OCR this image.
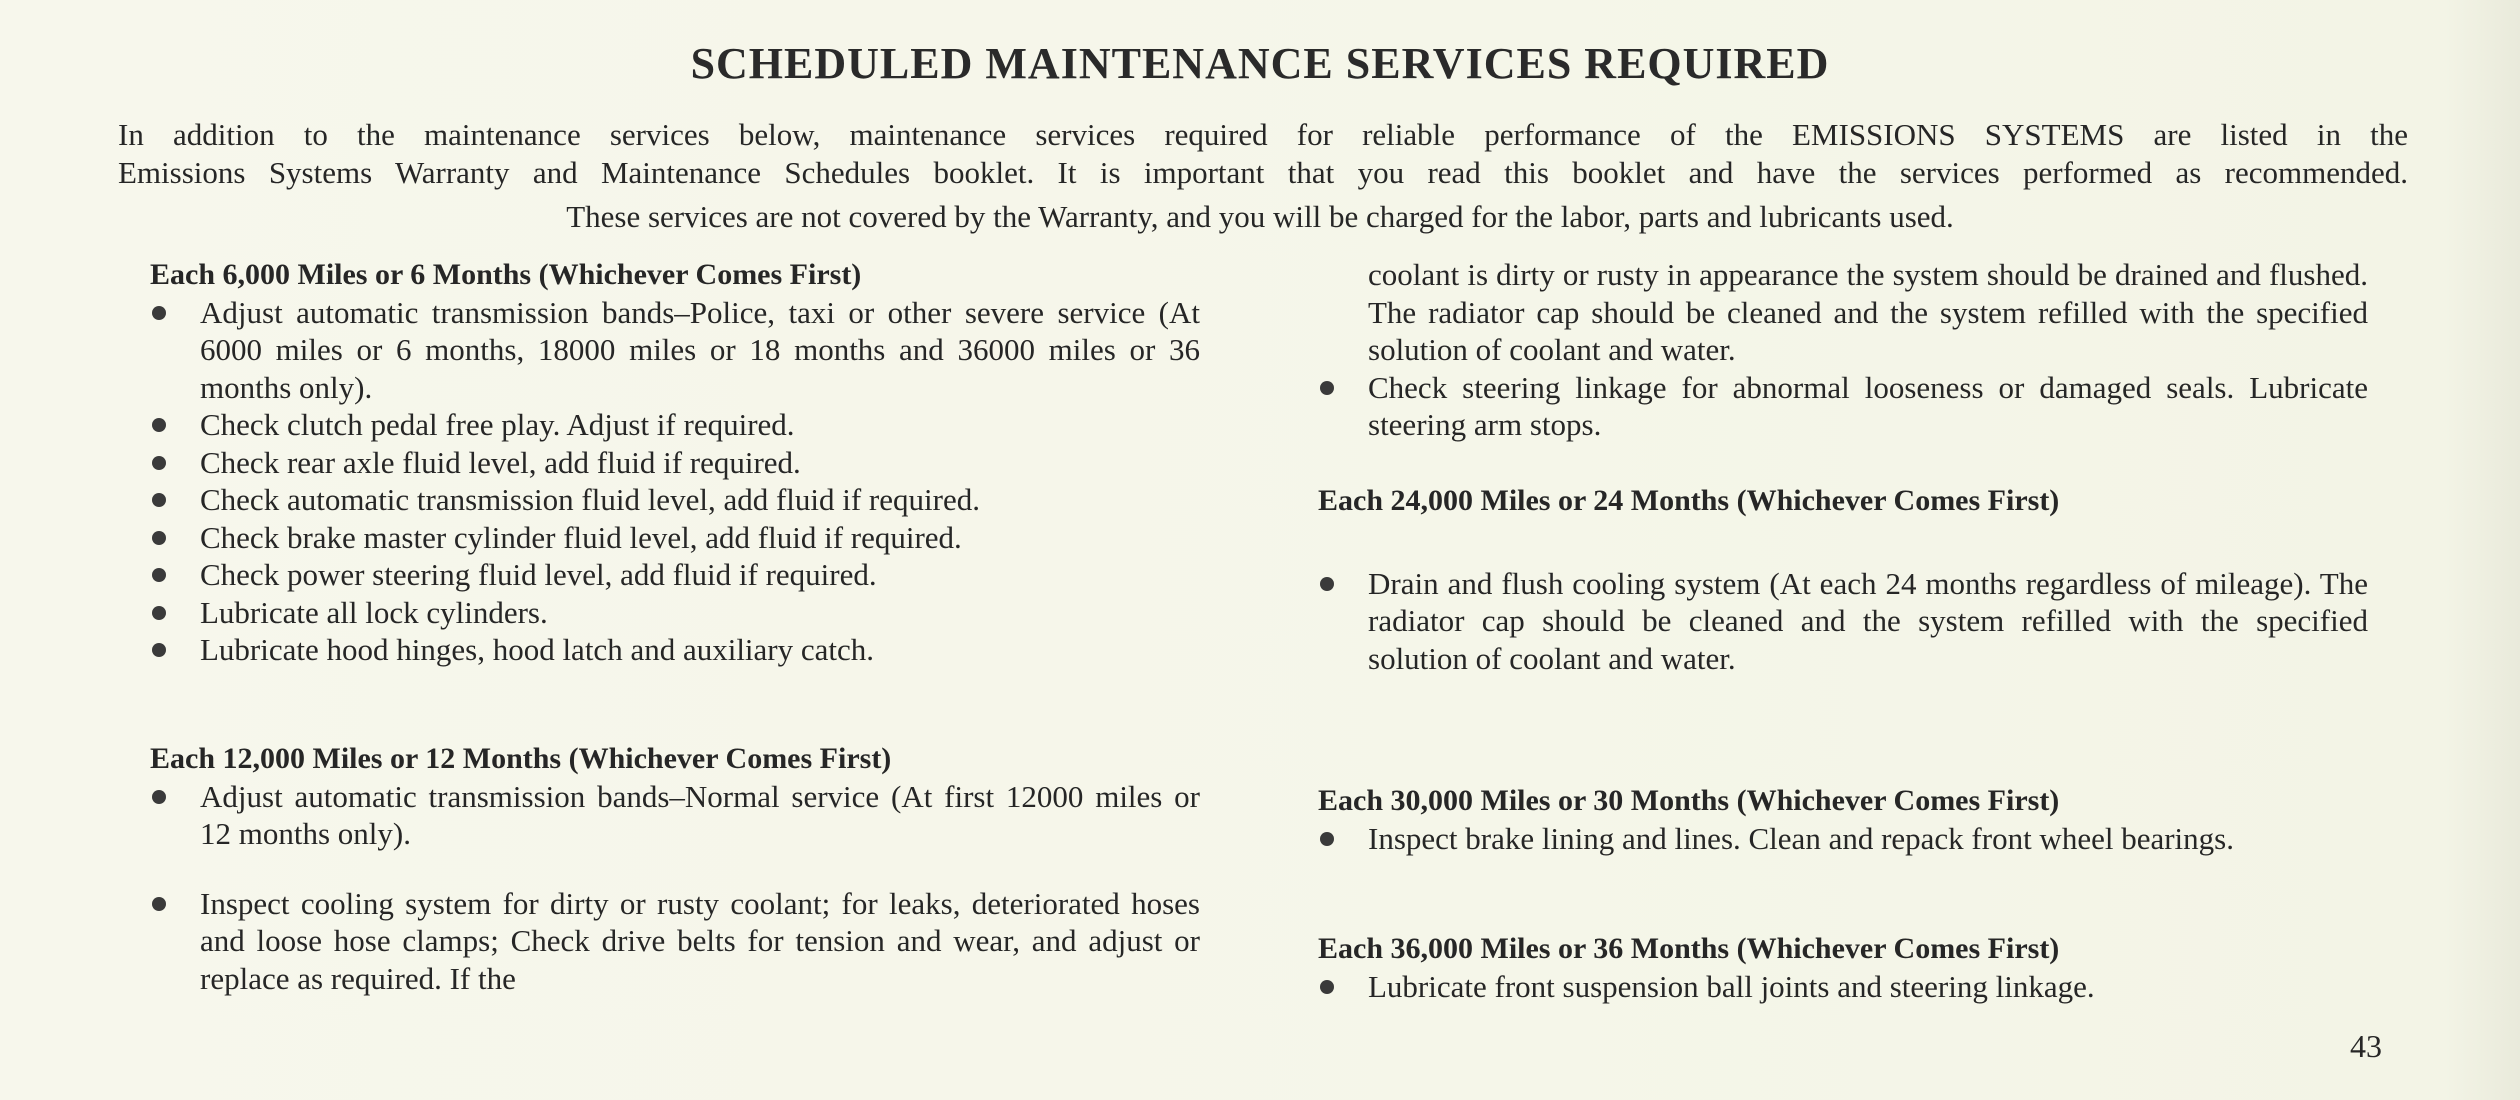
SCHEDULED MAINTENANCE SERVICES REQUIRED
In addition to the maintenance services below, maintenance services required for reliable performance of the EMISSIONS SYSTEMS are listed in the
Emissions Systems Warranty and Maintenance Schedules booklet. It is important that you read this booklet and have the services performed as recommended.
These services are not covered by the Warranty, and you will be charged for the labor, parts and lubricants used.
Each 6,000 Miles or 6 Months (Whichever Comes First)
Adjust automatic transmission bands–Police, taxi or other severe service (At 6000 miles or 6 months, 18000 miles or 18 months and 36000 miles or 36 months only).
Check clutch pedal free play. Adjust if required.
Check rear axle fluid level, add fluid if required.
Check automatic transmission fluid level, add fluid if required.
Check brake master cylinder fluid level, add fluid if required.
Check power steering fluid level, add fluid if required.
Lubricate all lock cylinders.
Lubricate hood hinges, hood latch and auxiliary catch.
Each 12,000 Miles or 12 Months (Whichever Comes First)
Adjust automatic transmission bands–Normal service (At first 12000 miles or 12 months only).
Inspect cooling system for dirty or rusty coolant; for leaks, deteriorated hoses and loose hose clamps; Check drive belts for tension and wear, and adjust or replace as required. If the
coolant is dirty or rusty in appearance the system should be drained and flushed. The radiator cap should be cleaned and the system refilled with the specified solution of coolant and water.
Check steering linkage for abnormal looseness or damaged seals. Lubricate steering arm stops.
Each 24,000 Miles or 24 Months (Whichever Comes First)
Drain and flush cooling system (At each 24 months regardless of mileage). The radiator cap should be cleaned and the system refilled with the specified solution of coolant and water.
Each 30,000 Miles or 30 Months (Whichever Comes First)
Inspect brake lining and lines. Clean and repack front wheel bearings.
Each 36,000 Miles or 36 Months (Whichever Comes First)
Lubricate front suspension ball joints and steering linkage.
43
